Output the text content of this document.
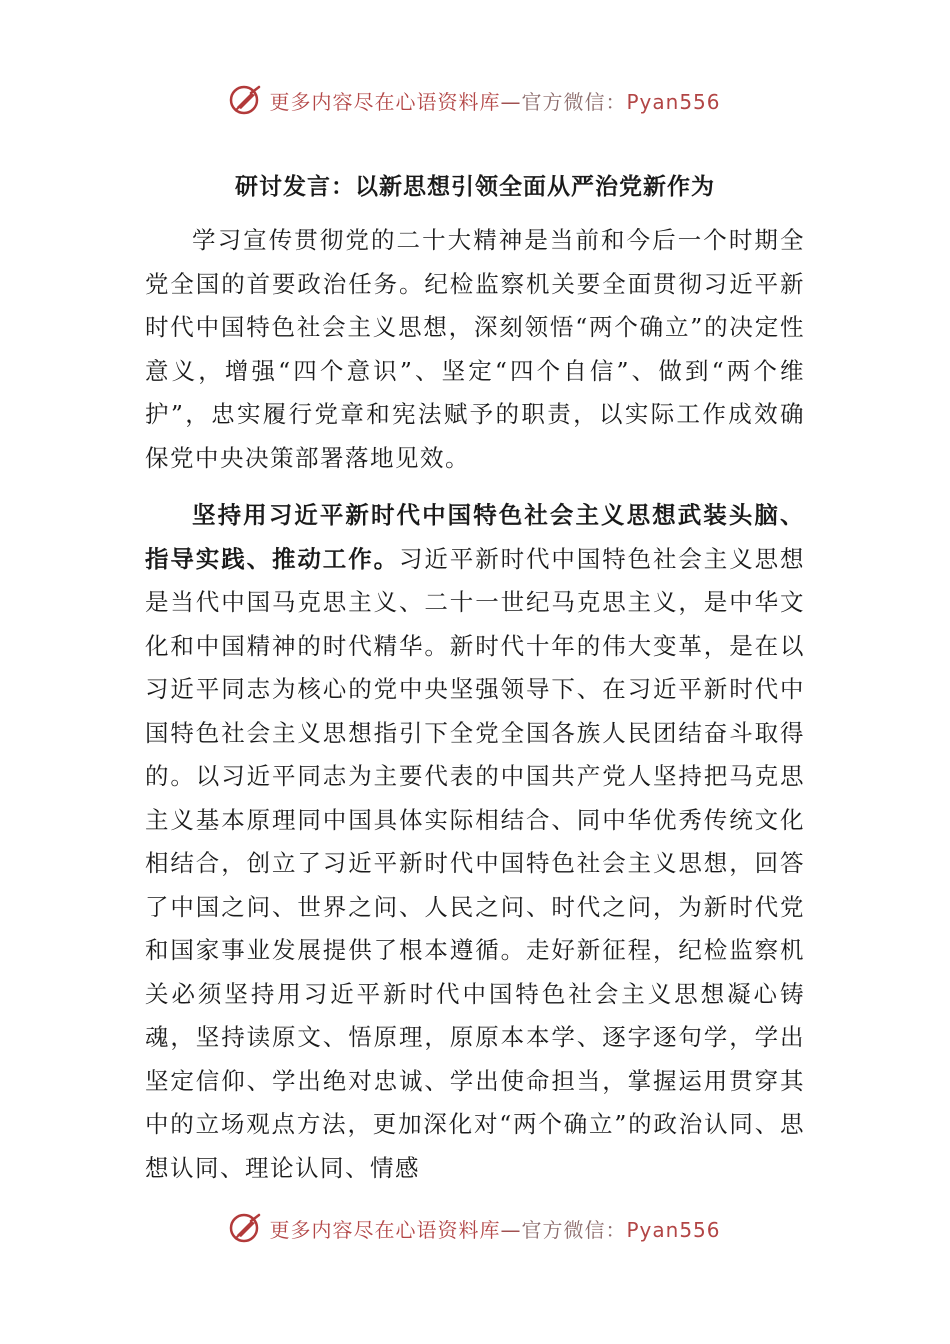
更多内容尽在心语资料库—官方微信：Pyan556
研讨发言：以新思想引领全面从严治党新作为

学习宣传贯彻党的二十大精神是当前和今后一个时期全党全国的首要政治任务。纪检监察机关要全面贯彻习近平新时代中国特色社会主义思想，深刻领悟“两个确立”的决定性意义，增强“四个意识”、坚定“四个自信”、做到“两个维护”，忠实履行党章和宪法赋予的职责，以实际工作成效确保党中央决策部署落地见效。

坚持用习近平新时代中国特色社会主义思想武装头脑、指导实践、推动工作。习近平新时代中国特色社会主义思想是当代中国马克思主义、二十一世纪马克思主义，是中华文化和中国精神的时代精华。新时代十年的伟大变革，是在以习近平同志为核心的党中央坚强领导下、在习近平新时代中国特色社会主义思想指引下全党全国各族人民团结奋斗取得的。以习近平同志为主要代表的中国共产党人坚持把马克思主义基本原理同中国具体实际相结合、同中华优秀传统文化相结合，创立了习近平新时代中国特色社会主义思想，回答了中国之问、世界之问、人民之问、时代之问，为新时代党和国家事业发展提供了根本遵循。走好新征程，纪检监察机关必须坚持用习近平新时代中国特色社会主义思想凝心铸魂，坚持读原文、悟原理，原原本本学、逐字逐句学，学出坚定信仰、学出绝对忠诚、学出使命担当，掌握运用贯穿其中的立场观点方法，更加深化对“两个确立”的政治认同、思想认同、理论认同、情感

更多内容尽在心语资料库—官方微信：Pyan556
